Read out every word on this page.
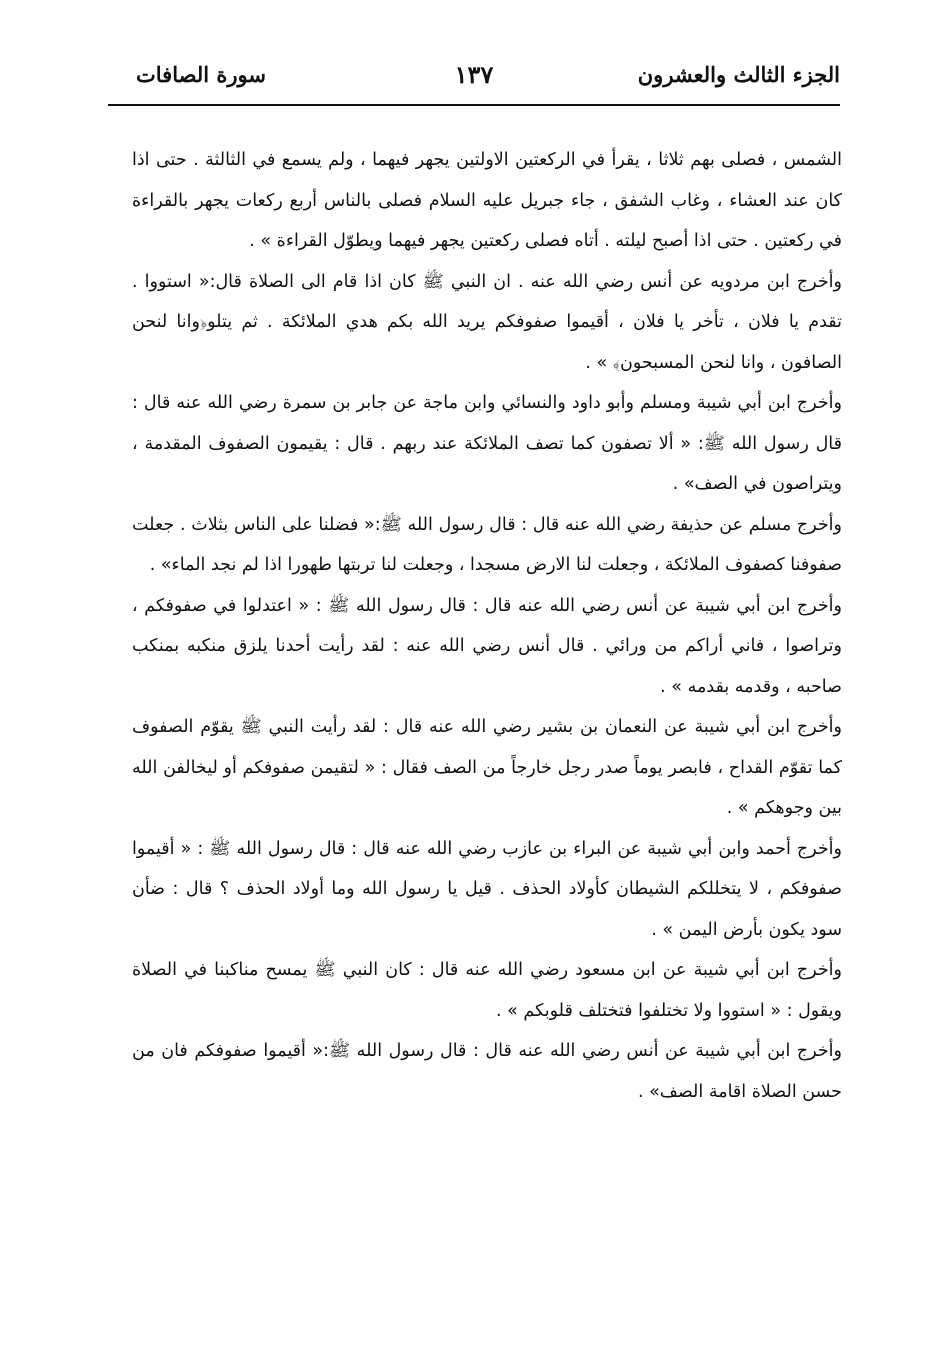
الجزء الثالث والعشرون
١٣٧
سورة الصافات

الشمس ، فصلى بهم ثلاثا ، يقرأ في الركعتين الاولتين يجهر فيهما ، ولم يسمع في الثالثة . حتى اذا كان عند العشاء ، وغاب الشفق ، جاء جبريل عليه السلام فصلى بالناس أربع ركعات يجهر بالقراءة في ركعتين . حتى اذا أصبح ليلته . أتاه فصلى ركعتين يجهر فيهما ويطوّل القراءة » .

وأخرج ابن مردويه عن أنس رضي الله عنه . ان النبي ﷺ كان اذا قام الى الصلاة قال:« استووا . تقدم يا فلان ، تأخر يا فلان ، أقيموا صفوفكم يريد الله بكم هدي الملائكة . ثم يتلو﴿وانا لنحن الصافون ، وانا لنحن المسبحون﴾ » .

وأخرج ابن أبي شيبة ومسلم وأبو داود والنسائي وابن ماجة عن جابر بن سمرة رضي الله عنه قال : قال رسول الله ﷺ: « ألا تصفون كما تصف الملائكة عند ربهم . قال : يقيمون الصفوف المقدمة ، ويتراصون في الصف» .

وأخرج مسلم عن حذيفة رضي الله عنه قال : قال رسول الله ﷺ:« فضلنا على الناس بثلاث . جعلت صفوفنا كصفوف الملائكة ، وجعلت لنا الارض مسجدا ، وجعلت لنا تربتها طهورا اذا لم نجد الماء» .

وأخرج ابن أبي شيبة عن أنس رضي الله عنه قال : قال رسول الله ﷺ : « اعتدلوا في صفوفكم ، وتراصوا ، فاني أراكم من ورائي . قال أنس رضي الله عنه : لقد رأيت أحدنا يلزق منكبه بمنكب صاحبه ، وقدمه بقدمه » .

وأخرج ابن أبي شيبة عن النعمان بن بشير رضي الله عنه قال : لقد رأيت النبي ﷺ يقوّم الصفوف كما تقوّم القداح ، فابصر يوماً صدر رجل خارجاً من الصف فقال : « لتقيمن صفوفكم أو ليخالفن الله بين وجوهكم » .

وأخرج أحمد وابن أبي شيبة عن البراء بن عازب رضي الله عنه قال : قال رسول الله ﷺ : « أقيموا صفوفكم ، لا يتخللكم الشيطان كأولاد الحذف . قيل يا رسول الله وما أولاد الحذف ؟ قال : ضأن سود يكون بأرض اليمن » .

وأخرج ابن أبي شيبة عن ابن مسعود رضي الله عنه قال : كان النبي ﷺ يمسح مناكبنا في الصلاة ويقول : « استووا ولا تختلفوا فتختلف قلوبكم » .

وأخرج ابن أبي شيبة عن أنس رضي الله عنه قال : قال رسول الله ﷺ:« أقيموا صفوفكم فان من حسن الصلاة اقامة الصف» .
